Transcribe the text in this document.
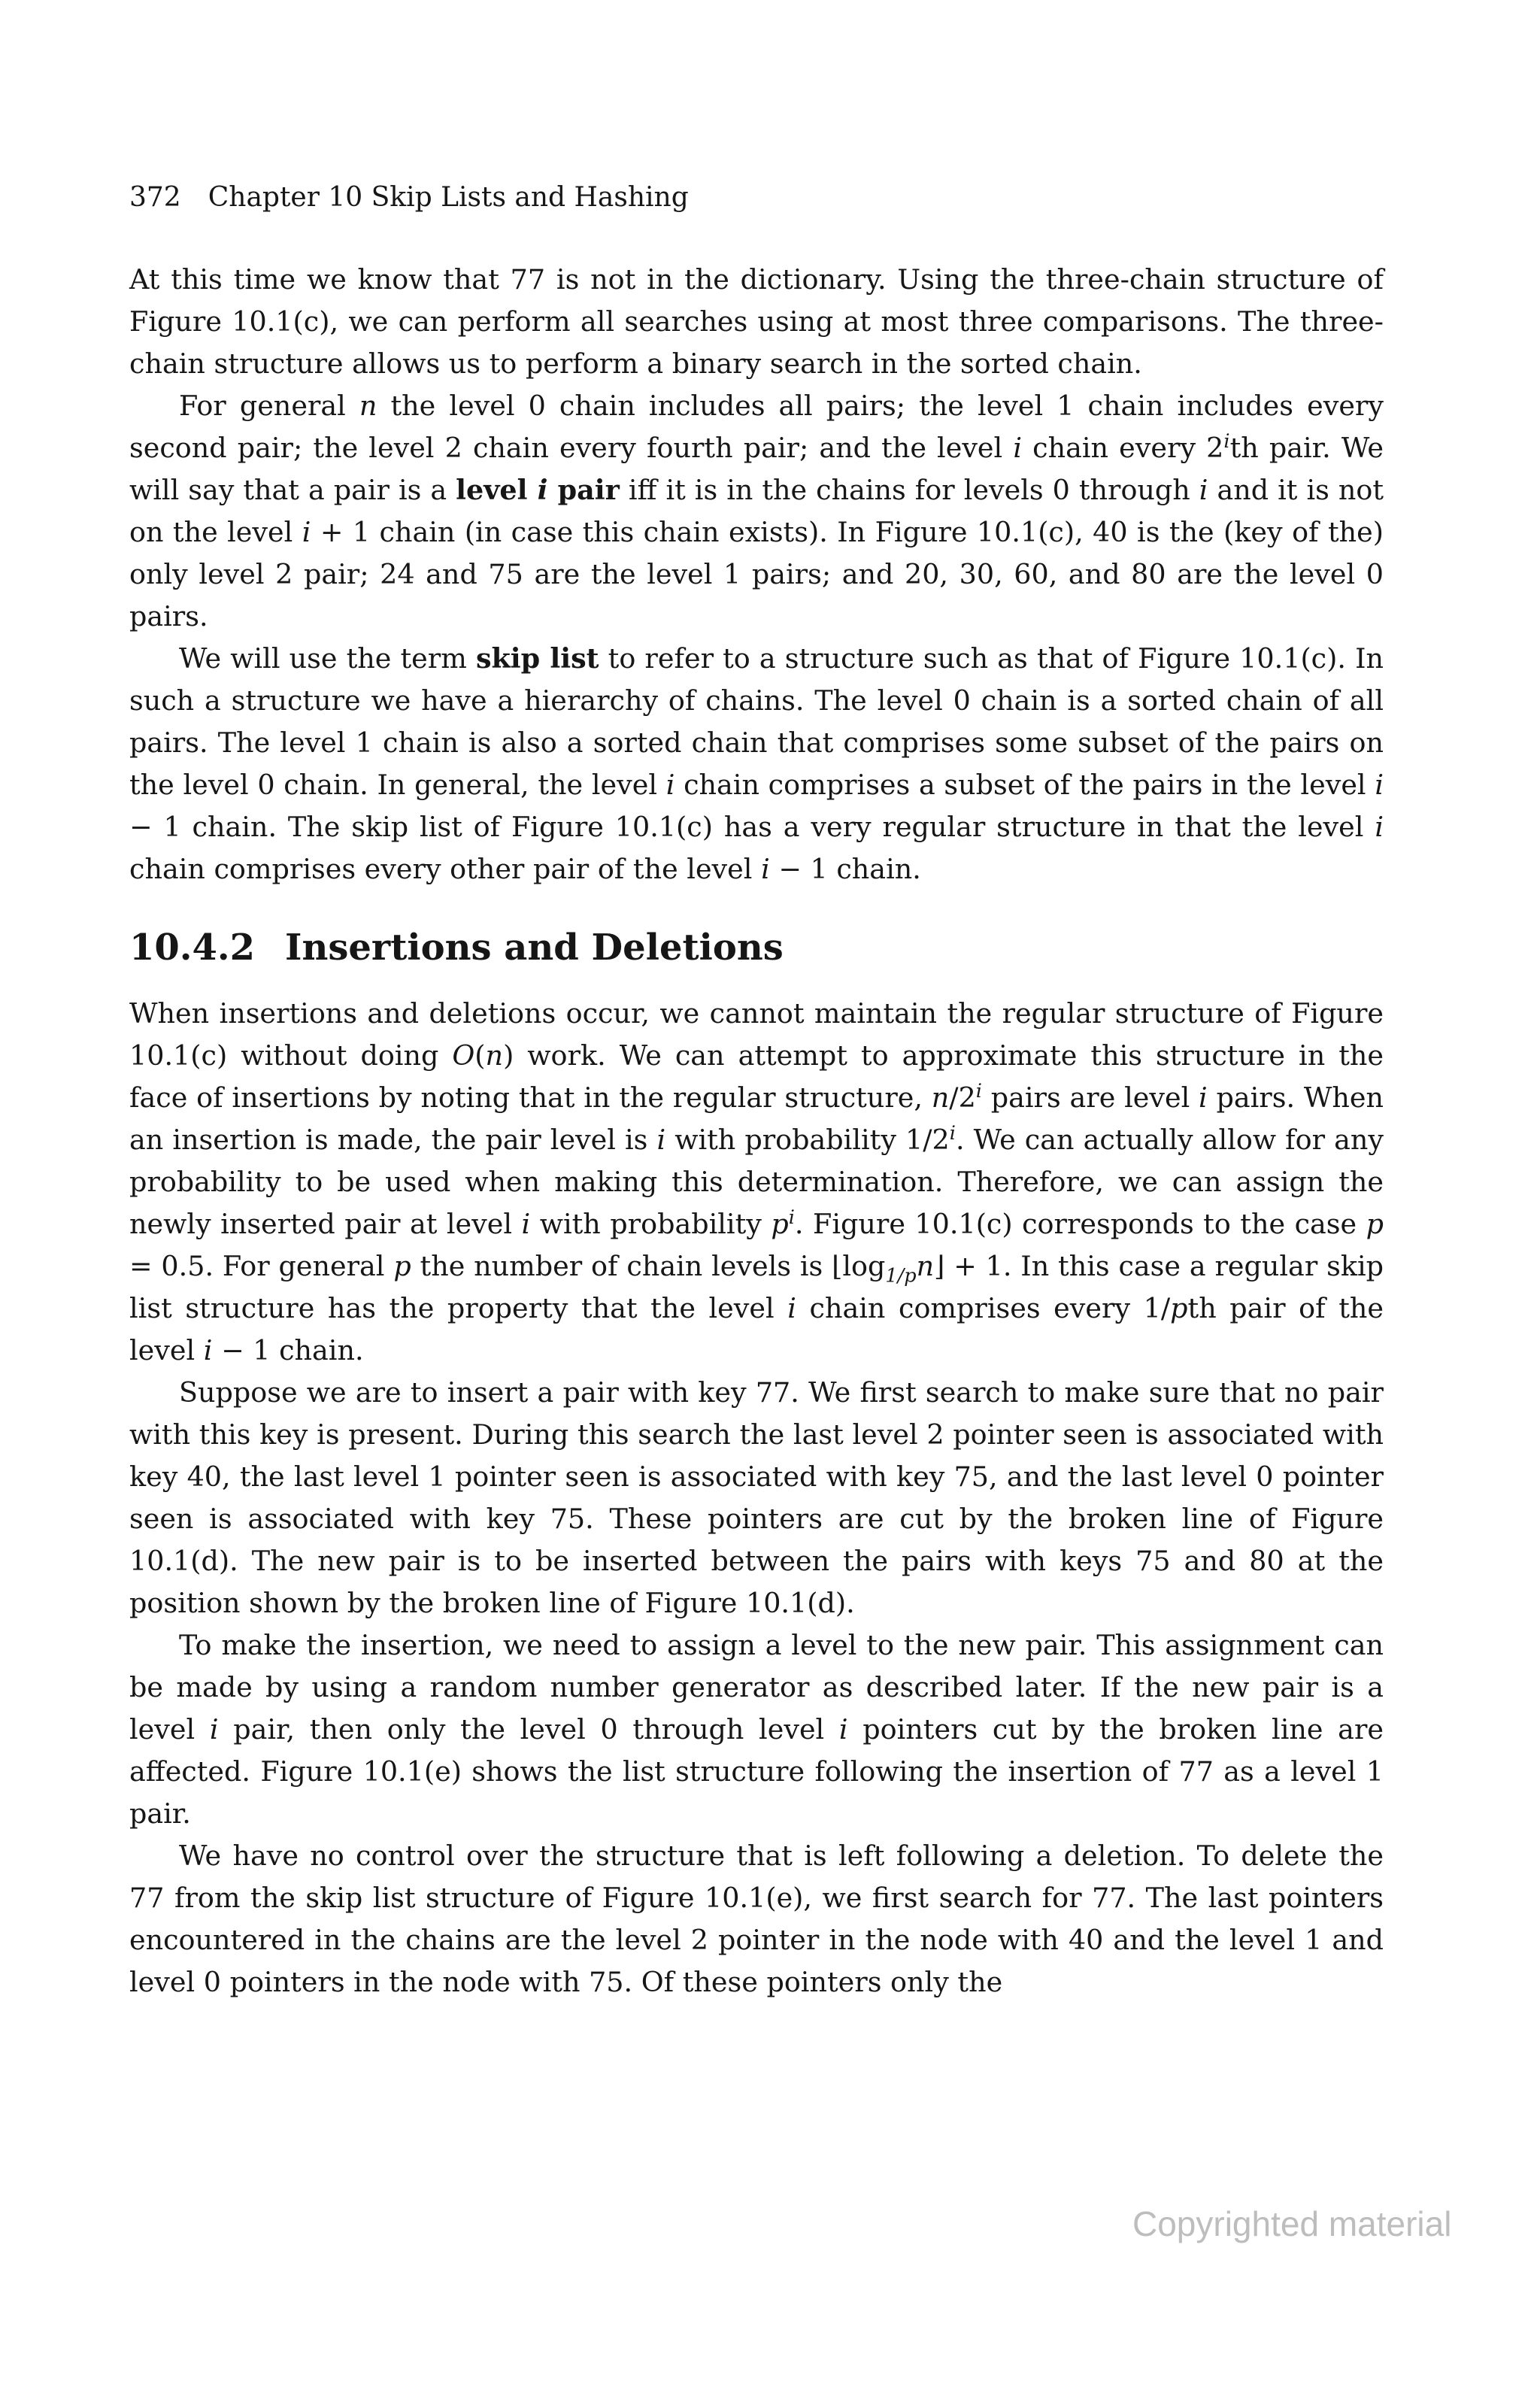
372 Chapter 10 Skip Lists and Hashing

At this time we know that 77 is not in the dictionary. Using the three-chain structure of Figure 10.1(c), we can perform all searches using at most three comparisons. The three-chain structure allows us to perform a binary search in the sorted chain.

For general n the level 0 chain includes all pairs; the level 1 chain includes every second pair; the level 2 chain every fourth pair; and the level i chain every 2$^i$th pair. We will say that a pair is a level i pair iff it is in the chains for levels 0 through i and it is not on the level i + 1 chain (in case this chain exists). In Figure 10.1(c), 40 is the (key of the) only level 2 pair; 24 and 75 are the level 1 pairs; and 20, 30, 60, and 80 are the level 0 pairs.

We will use the term skip list to refer to a structure such as that of Figure 10.1(c). In such a structure we have a hierarchy of chains. The level 0 chain is a sorted chain of all pairs. The level 1 chain is also a sorted chain that comprises some subset of the pairs on the level 0 chain. In general, the level i chain comprises a subset of the pairs in the level i − 1 chain. The skip list of Figure 10.1(c) has a very regular structure in that the level i chain comprises every other pair of the level i − 1 chain.

10.4.2 Insertions and Deletions

When insertions and deletions occur, we cannot maintain the regular structure of Figure 10.1(c) without doing O(n) work. We can attempt to approximate this structure in the face of insertions by noting that in the regular structure, n/2$^i$ pairs are level i pairs. When an insertion is made, the pair level is i with probability 1/2$^i$. We can actually allow for any probability to be used when making this determination. Therefore, we can assign the newly inserted pair at level i with probability $p^i$. Figure 10.1(c) corresponds to the case p = 0.5. For general p the number of chain levels is $⌊\log_{1/p}n⌋ + 1$. In this case a regular skip list structure has the property that the level i chain comprises every 1/pth pair of the level i − 1 chain.

Suppose we are to insert a pair with key 77. We first search to make sure that no pair with this key is present. During this search the last level 2 pointer seen is associated with key 40, the last level 1 pointer seen is associated with key 75, and the last level 0 pointer seen is associated with key 75. These pointers are cut by the broken line of Figure 10.1(d). The new pair is to be inserted between the pairs with keys 75 and 80 at the position shown by the broken line of Figure 10.1(d).

To make the insertion, we need to assign a level to the new pair. This assignment can be made by using a random number generator as described later. If the new pair is a level i pair, then only the level 0 through level i pointers cut by the broken line are affected. Figure 10.1(e) shows the list structure following the insertion of 77 as a level 1 pair.

We have no control over the structure that is left following a deletion. To delete the 77 from the skip list structure of Figure 10.1(e), we first search for 77. The last pointers encountered in the chains are the level 2 pointer in the node with 40 and the level 1 and level 0 pointers in the node with 75. Of these pointers only the

Copyrighted material
